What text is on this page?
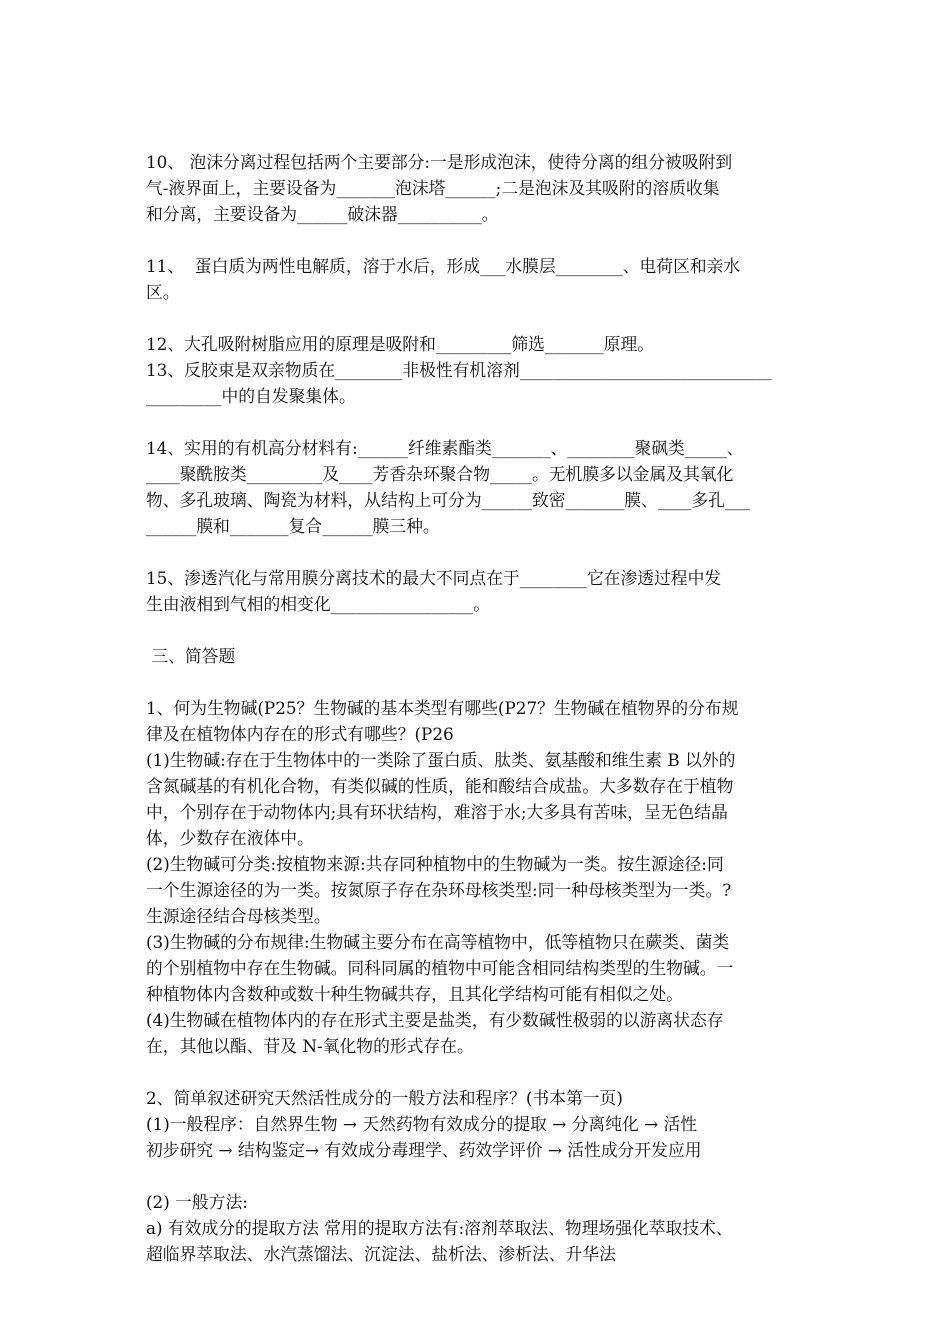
10、 泡沫分离过程包括两个主要部分:一是形成泡沫，使待分离的组分被吸附到

气-液界面上，主要设备为_______泡沫塔______;二是泡沫及其吸附的溶质收集

和分离，主要设备为______破沫器__________。

11、  蛋白质为两性电解质，溶于水后，形成___水膜层________、电荷区和亲水

区。

12、大孔吸附树脂应用的原理是吸附和_________筛选_______原理。

13、反胶束是双亲物质在________非极性有机溶剂______________________________

_________中的自发聚集体。

14、实用的有机高分材料有:______纤维素酯类_______、________聚砜类_____、

____聚酰胺类_________及____芳香杂环聚合物_____。无机膜多以金属及其氧化

物、多孔玻璃、陶瓷为材料，从结构上可分为______致密_______膜、____多孔___

______膜和_______复合______膜三种。

15、渗透汽化与常用膜分离技术的最大不同点在于________它在渗透过程中发

生由液相到气相的相变化_________________。

三、简答题

1、何为生物碱(P25？生物碱的基本类型有哪些(P27？生物碱在植物界的分布规

律及在植物体内存在的形式有哪些？(P26

(1)生物碱:存在于生物体中的一类除了蛋白质、肽类、氨基酸和维生素 B 以外的

含氮碱基的有机化合物，有类似碱的性质，能和酸结合成盐。大多数存在于植物

中，个别存在于动物体内;具有环状结构，难溶于水;大多具有苦味，呈无色结晶

体，少数存在液体中。

(2)生物碱可分类:按植物来源:共存同种植物中的生物碱为一类。按生源途径:同

一个生源途径的为一类。按氮原子存在杂环母核类型:同一种母核类型为一类。?

生源途径结合母核类型。

(3)生物碱的分布规律:生物碱主要分布在高等植物中，低等植物只在蕨类、菌类

的个别植物中存在生物碱。同科同属的植物中可能含相同结构类型的生物碱。一

种植物体内含数种或数十种生物碱共存，且其化学结构可能有相似之处。

(4)生物碱在植物体内的存在形式主要是盐类，有少数碱性极弱的以游离状态存

在，其他以酯、苷及 N-氧化物的形式存在。

2、简单叙述研究天然活性成分的一般方法和程序？(书本第一页)

(1)一般程序：自然界生物 → 天然药物有效成分的提取 → 分离纯化 → 活性

初步研究 → 结构鉴定→ 有效成分毒理学、药效学评价 → 活性成分开发应用

(2) 一般方法:

a) 有效成分的提取方法 常用的提取方法有:溶剂萃取法、物理场强化萃取技术、

超临界萃取法、水汽蒸馏法、沉淀法、盐析法、渗析法、升华法
